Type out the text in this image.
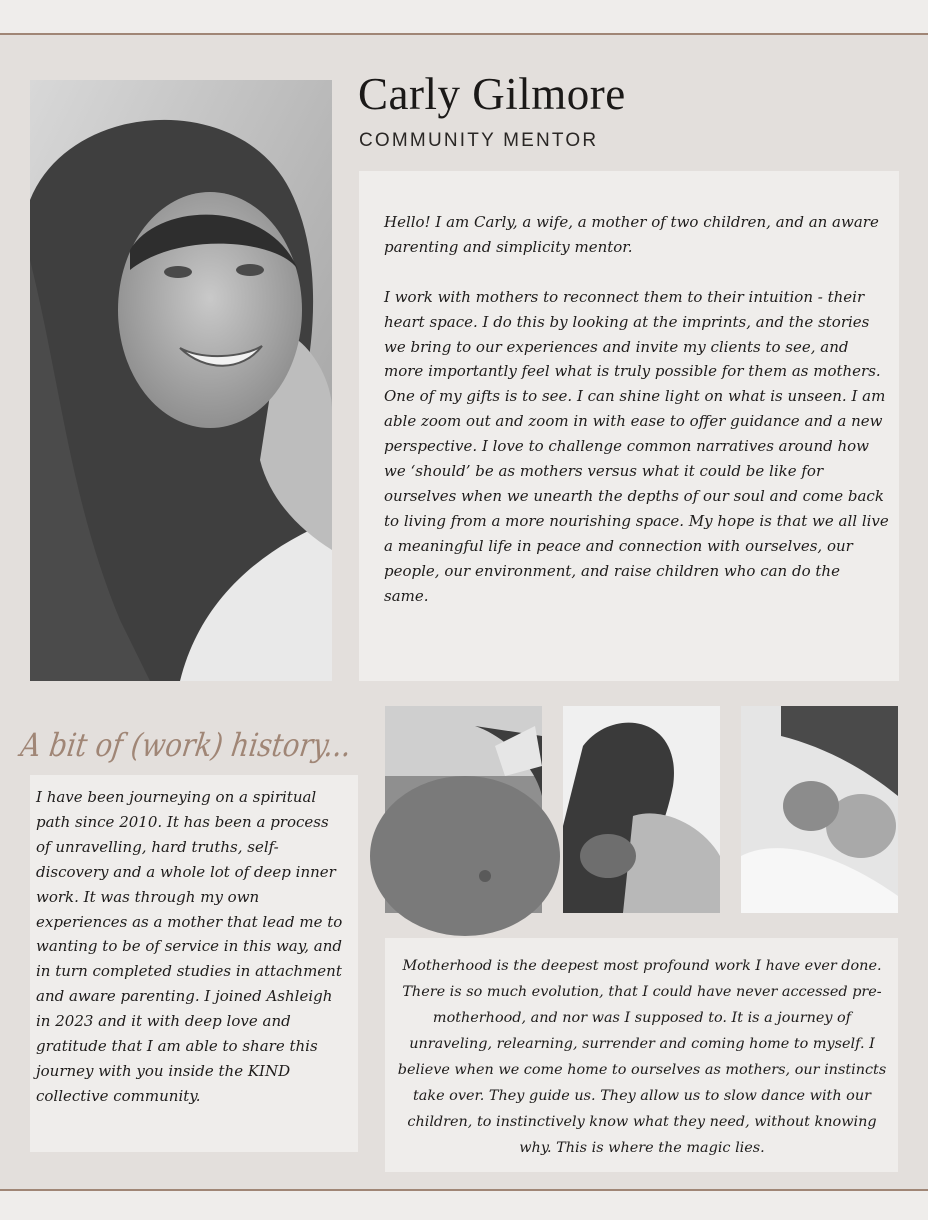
Carly Gilmore
COMMUNITY MENTOR

Hello! I am Carly, a wife, a mother of two children, and an aware parenting and simplicity mentor.

I work with mothers to reconnect them to their intuition - their heart space. I do this by looking at the imprints, and the stories we bring to our experiences and invite my clients to see, and more importantly feel what is truly possible for them as mothers. One of my gifts is to see. I can shine light on what is unseen. I am able zoom out and zoom in with ease to offer guidance and a new perspective. I love to challenge common narratives around how we ‘should’ be as mothers versus what it could be like for ourselves when we unearth the depths of our soul and come back to living from a more nourishing space. My hope is that we all live a meaningful life in peace and connection with ourselves, our people, our environment, and raise children who can do the same.

A bit of (work) history...

I have been journeying on a spiritual path since 2010. It has been a process of unravelling, hard truths, self-discovery and a whole lot of deep inner work. It was through my own experiences as a mother that lead me to wanting to be of service in this way, and in turn completed studies in attachment and aware parenting. I joined Ashleigh in 2023 and it with deep love and gratitude that I am able to share this journey with you inside the KIND collective community.

Motherhood is the deepest most profound work I have ever done. There is so much evolution, that I could have never accessed pre-motherhood, and nor was I supposed to. It is a journey of unraveling, relearning, surrender and coming home to myself. I believe when we come home to ourselves as mothers, our instincts take over. They guide us. They allow us to slow dance with our children, to instinctively know what they need, without knowing why. This is where the magic lies.
